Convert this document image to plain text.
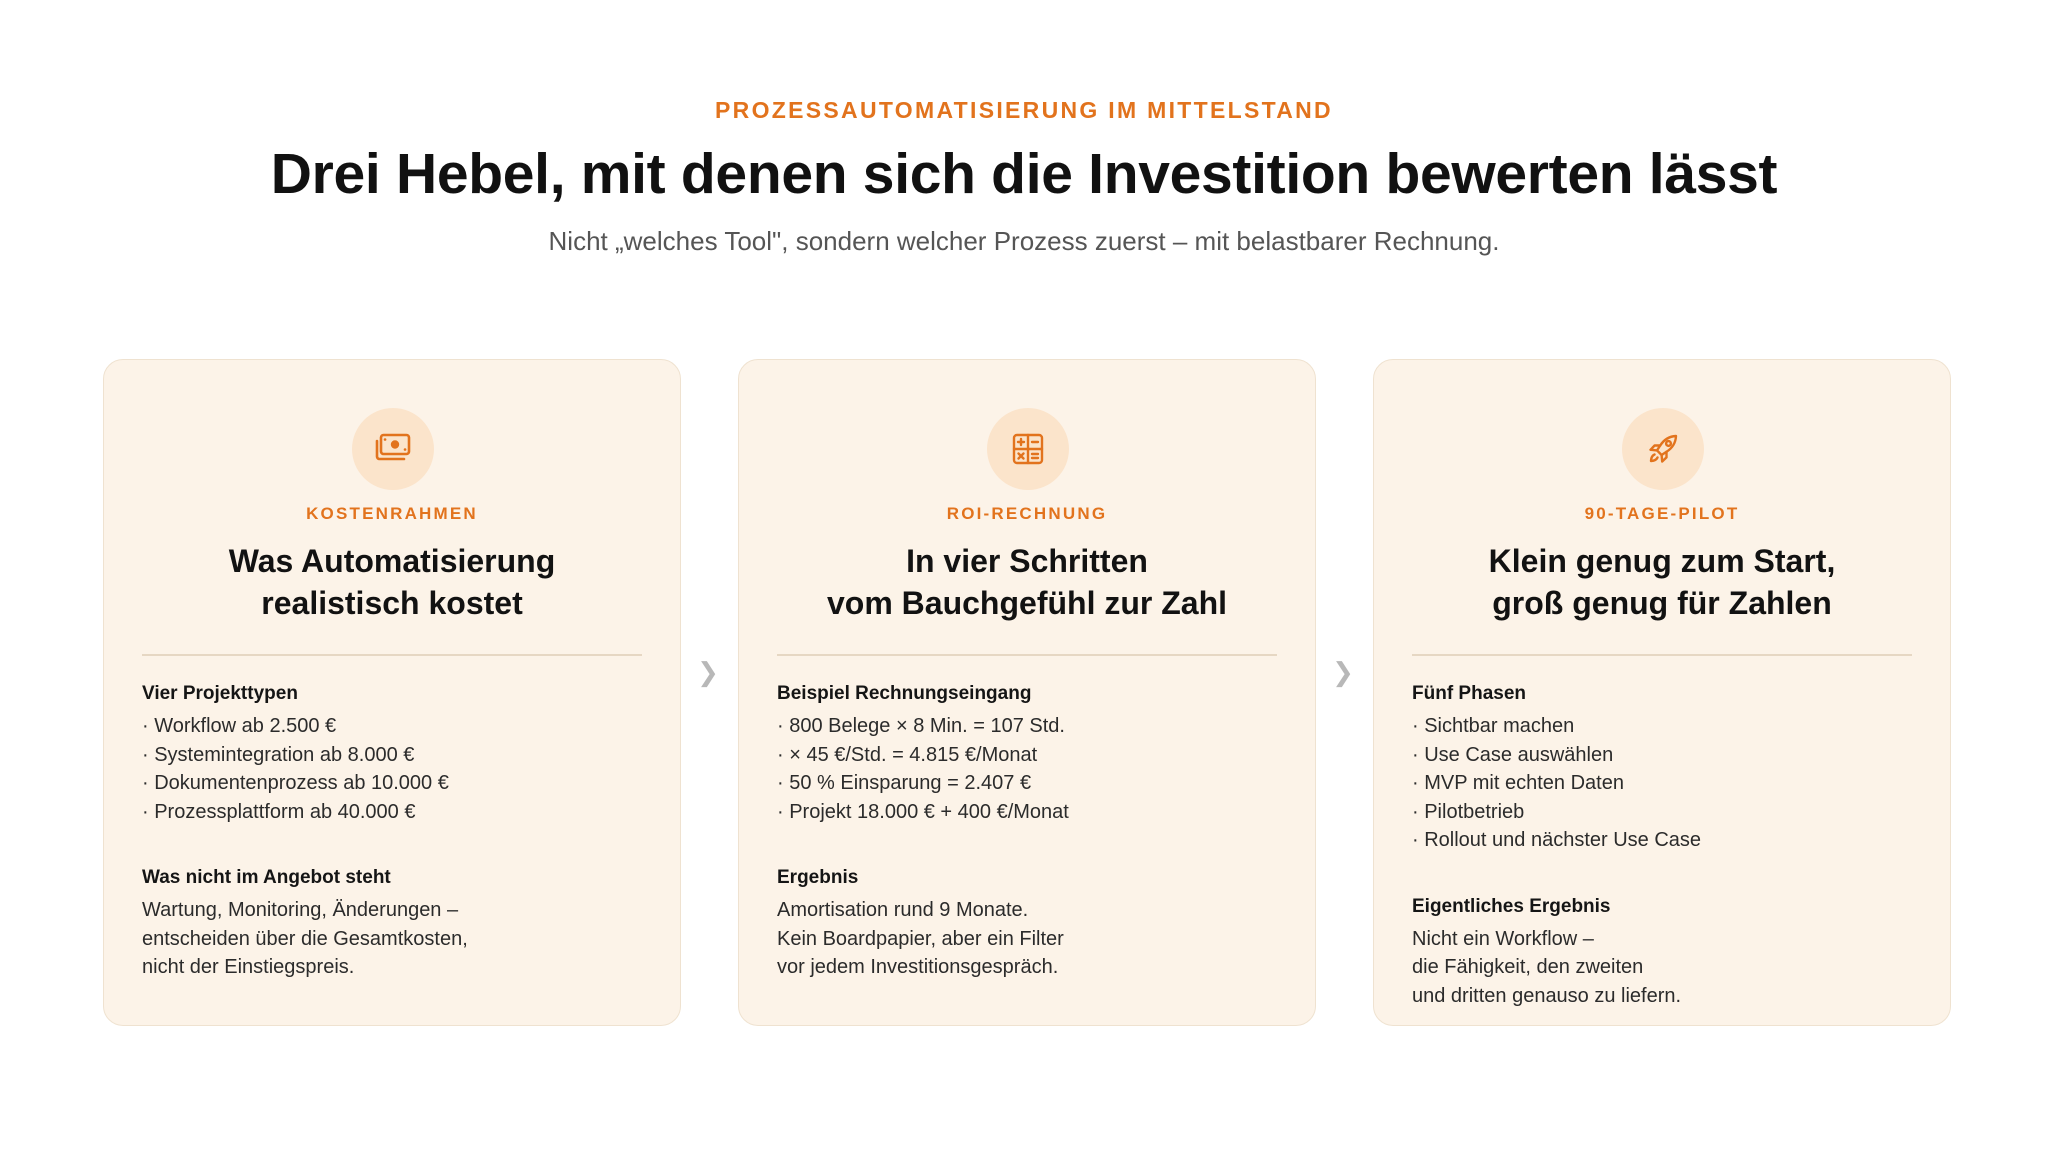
PROZESSAUTOMATISIERUNG IM MITTELSTAND
Drei Hebel, mit denen sich die Investition bewerten lässt
Nicht „welches Tool", sondern welcher Prozess zuerst – mit belastbarer Rechnung.
KOSTENRAHMEN
Was Automatisierung
realistisch kostet
Vier Projekttypen
· Workflow ab 2.500 €
· Systemintegration ab 8.000 €
· Dokumentenprozess ab 10.000 €
· Prozessplattform ab 40.000 €
Was nicht im Angebot steht
Wartung, Monitoring, Änderungen –
entscheiden über die Gesamtkosten,
nicht der Einstiegspreis.
❯
ROI-RECHNUNG
In vier Schritten
vom Bauchgefühl zur Zahl
Beispiel Rechnungseingang
· 800 Belege × 8 Min. = 107 Std.
· × 45 €/Std. = 4.815 €/Monat
· 50 % Einsparung = 2.407 €
· Projekt 18.000 € + 400 €/Monat
Ergebnis
Amortisation rund 9 Monate.
Kein Boardpapier, aber ein Filter
vor jedem Investitionsgespräch.
❯
90-TAGE-PILOT
Klein genug zum Start,
groß genug für Zahlen
Fünf Phasen
· Sichtbar machen
· Use Case auswählen
· MVP mit echten Daten
· Pilotbetrieb
· Rollout und nächster Use Case
Eigentliches Ergebnis
Nicht ein Workflow –
die Fähigkeit, den zweiten
und dritten genauso zu liefern.
